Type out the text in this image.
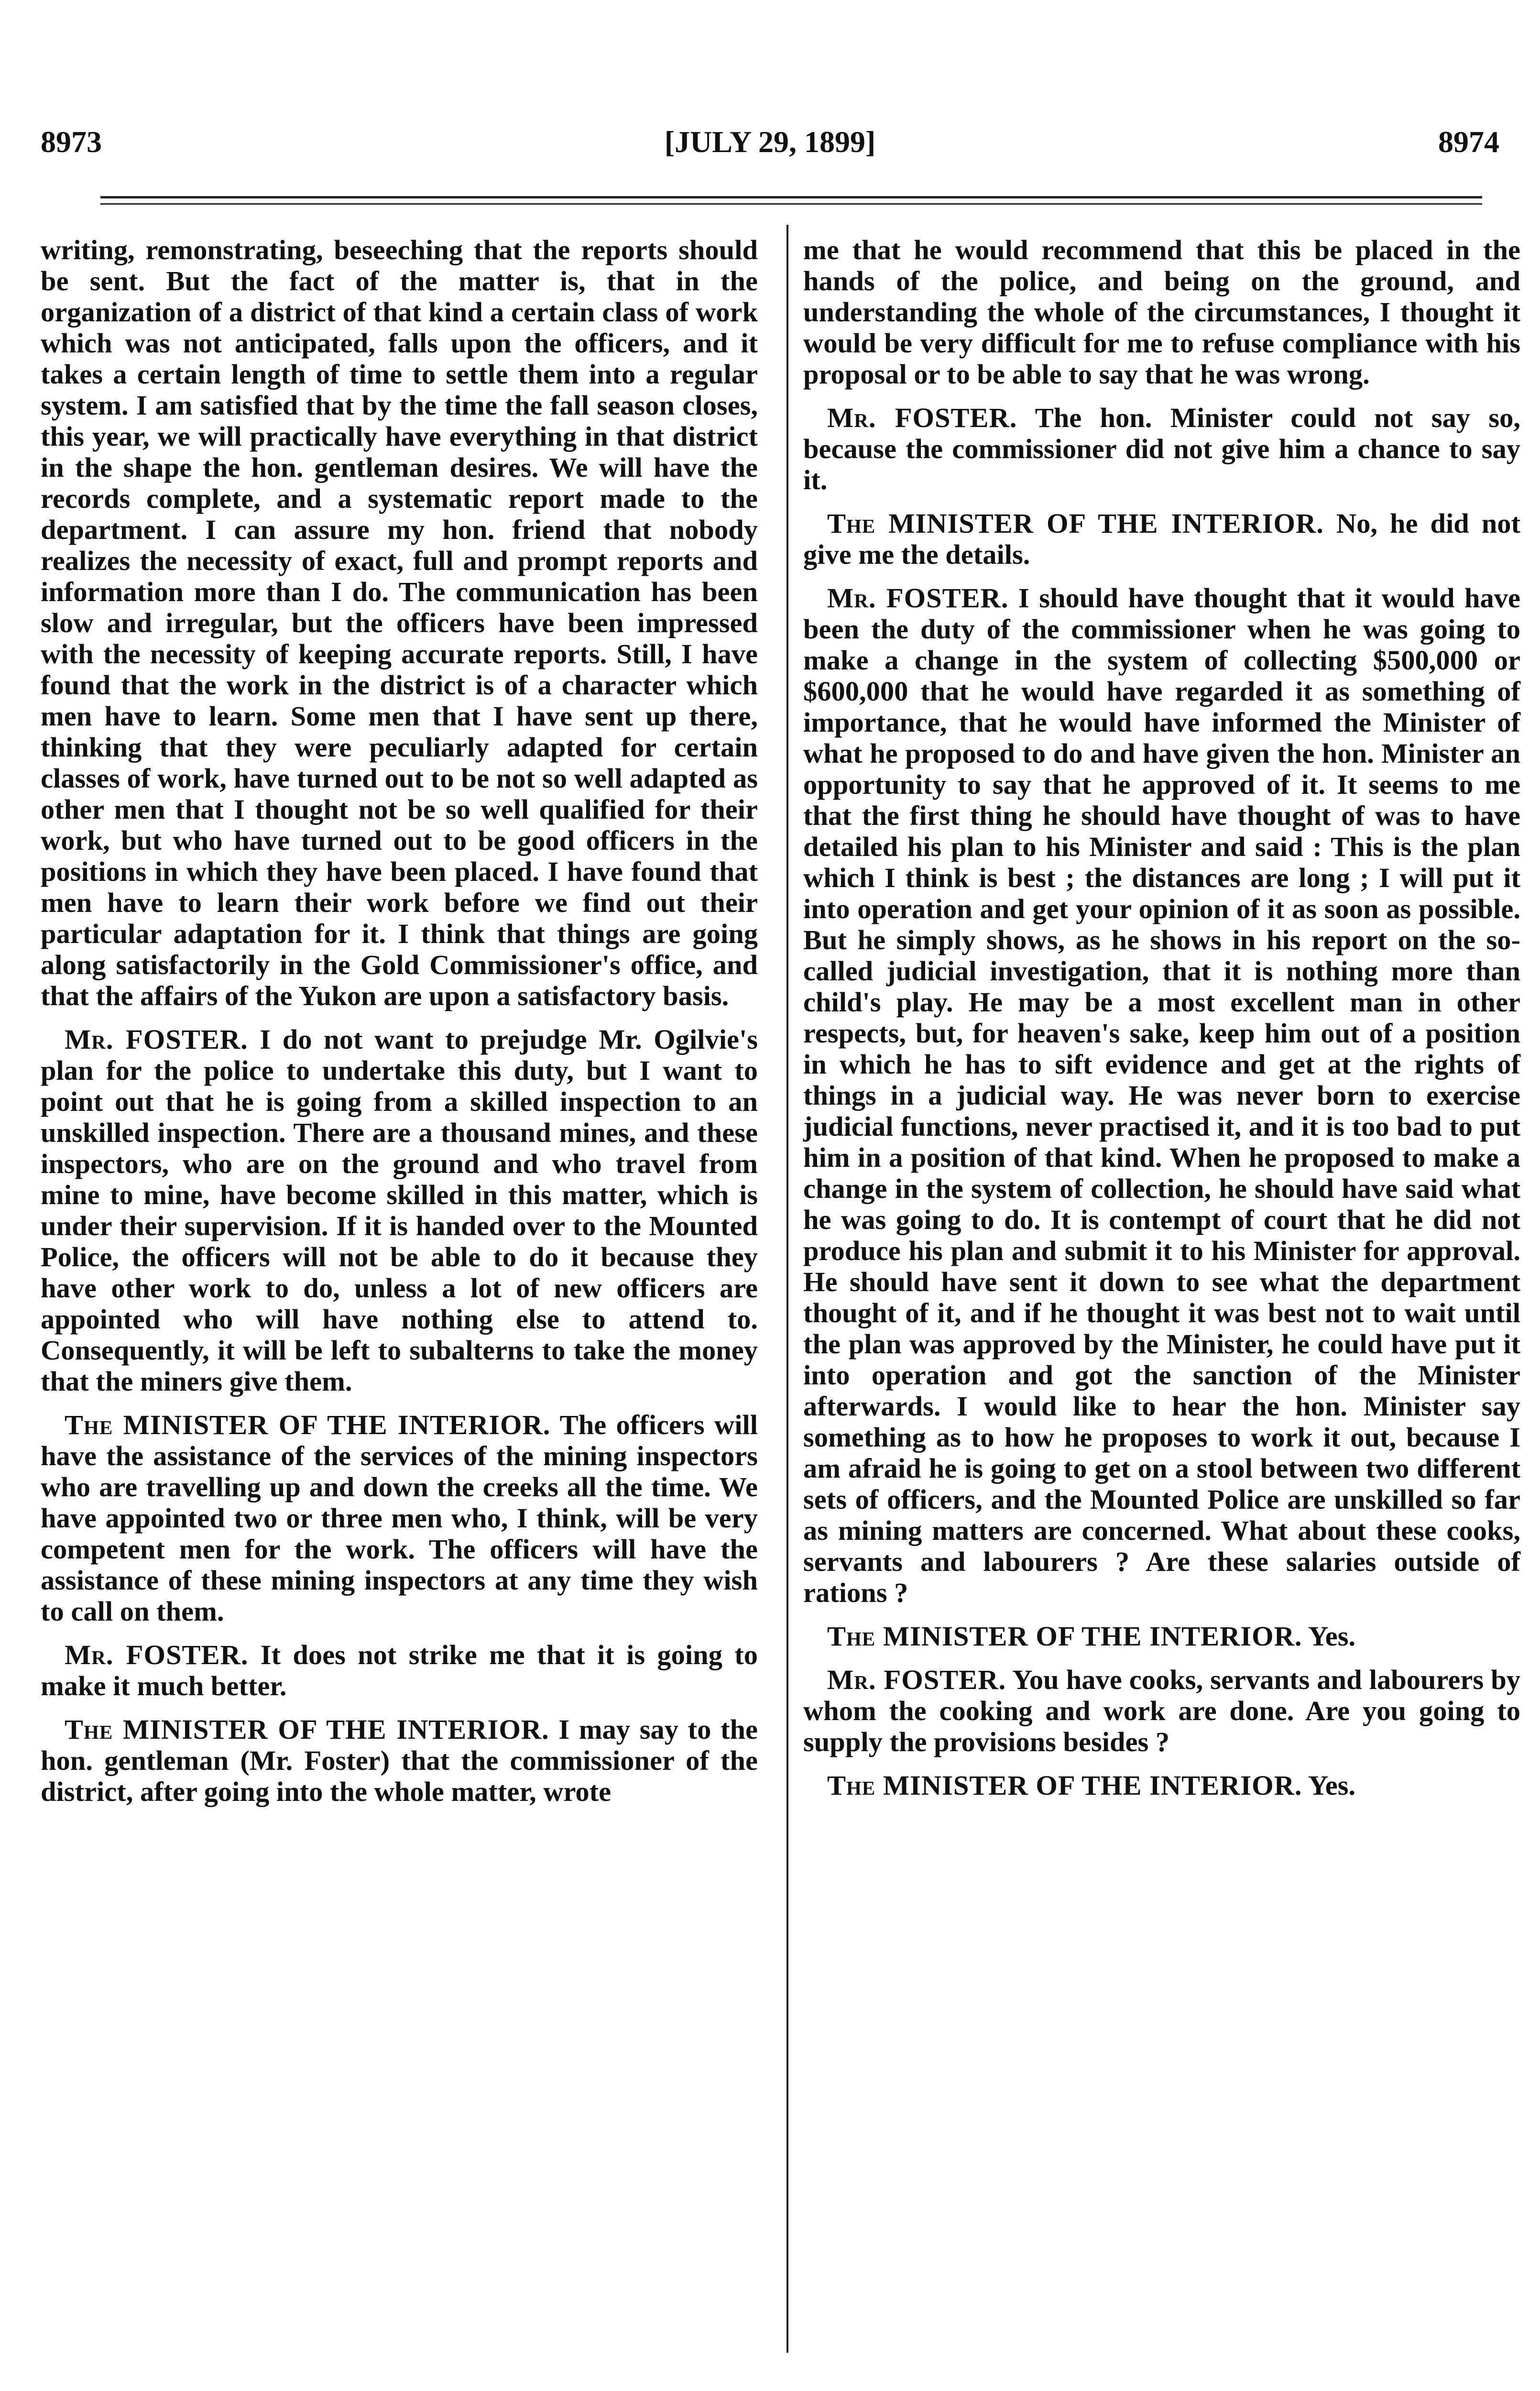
8973	[JULY 29, 1899]	8974

writing, remonstrating, beseeching that the reports should be sent. But the fact of the matter is, that in the organization of a district of that kind a certain class of work which was not anticipated, falls upon the officers, and it takes a certain length of time to settle them into a regular system. I am satisfied that by the time the fall season closes, this year, we will practically have everything in that district in the shape the hon. gentleman desires. We will have the records complete, and a systematic report made to the department. I can assure my hon. friend that nobody realizes the necessity of exact, full and prompt reports and information more than I do. The communication has been slow and irregular, but the officers have been impressed with the necessity of keeping accurate reports. Still, I have found that the work in the district is of a character which men have to learn. Some men that I have sent up there, thinking that they were peculiarly adapted for certain classes of work, have turned out to be not so well adapted as other men that I thought not be so well qualified for their work, but who have turned out to be good officers in the positions in which they have been placed. I have found that men have to learn their work before we find out their particular adaptation for it. I think that things are going along satisfactorily in the Gold Commissioner's office, and that the affairs of the Yukon are upon a satisfactory basis.

Mr. FOSTER. I do not want to prejudge Mr. Ogilvie's plan for the police to undertake this duty, but I want to point out that he is going from a skilled inspection to an unskilled inspection. There are a thousand mines, and these inspectors, who are on the ground and who travel from mine to mine, have become skilled in this matter, which is under their supervision. If it is handed over to the Mounted Police, the officers will not be able to do it because they have other work to do, unless a lot of new officers are appointed who will have nothing else to attend to. Consequently, it will be left to subalterns to take the money that the miners give them.

The MINISTER OF THE INTERIOR. The officers will have the assistance of the services of the mining inspectors who are travelling up and down the creeks all the time. We have appointed two or three men who, I think, will be very competent men for the work. The officers will have the assistance of these mining inspectors at any time they wish to call on them.

Mr. FOSTER. It does not strike me that it is going to make it much better.

The MINISTER OF THE INTERIOR. I may say to the hon. gentleman (Mr. Foster) that the commissioner of the district, after going into the whole matter, wrote

me that he would recommend that this be placed in the hands of the police, and being on the ground, and understanding the whole of the circumstances, I thought it would be very difficult for me to refuse compliance with his proposal or to be able to say that he was wrong.

Mr. FOSTER. The hon. Minister could not say so, because the commissioner did not give him a chance to say it.

The MINISTER OF THE INTERIOR. No, he did not give me the details.

Mr. FOSTER. I should have thought that it would have been the duty of the commissioner when he was going to make a change in the system of collecting $500,000 or $600,000 that he would have regarded it as something of importance, that he would have informed the Minister of what he proposed to do and have given the hon. Minister an opportunity to say that he approved of it. It seems to me that the first thing he should have thought of was to have detailed his plan to his Minister and said : This is the plan which I think is best ; the distances are long ; I will put it into operation and get your opinion of it as soon as possible. But he simply shows, as he shows in his report on the so-called judicial investigation, that it is nothing more than child's play. He may be a most excellent man in other respects, but, for heaven's sake, keep him out of a position in which he has to sift evidence and get at the rights of things in a judicial way. He was never born to exercise judicial functions, never practised it, and it is too bad to put him in a position of that kind. When he proposed to make a change in the system of collection, he should have said what he was going to do. It is contempt of court that he did not produce his plan and submit it to his Minister for approval. He should have sent it down to see what the department thought of it, and if he thought it was best not to wait until the plan was approved by the Minister, he could have put it into operation and got the sanction of the Minister afterwards. I would like to hear the hon. Minister say something as to how he proposes to work it out, because I am afraid he is going to get on a stool between two different sets of officers, and the Mounted Police are unskilled so far as mining matters are concerned. What about these cooks, servants and labourers ? Are these salaries outside of rations ?

The MINISTER OF THE INTERIOR. Yes.

Mr. FOSTER. You have cooks, servants and labourers by whom the cooking and work are done. Are you going to supply the provisions besides ?

The MINISTER OF THE INTERIOR. Yes.
